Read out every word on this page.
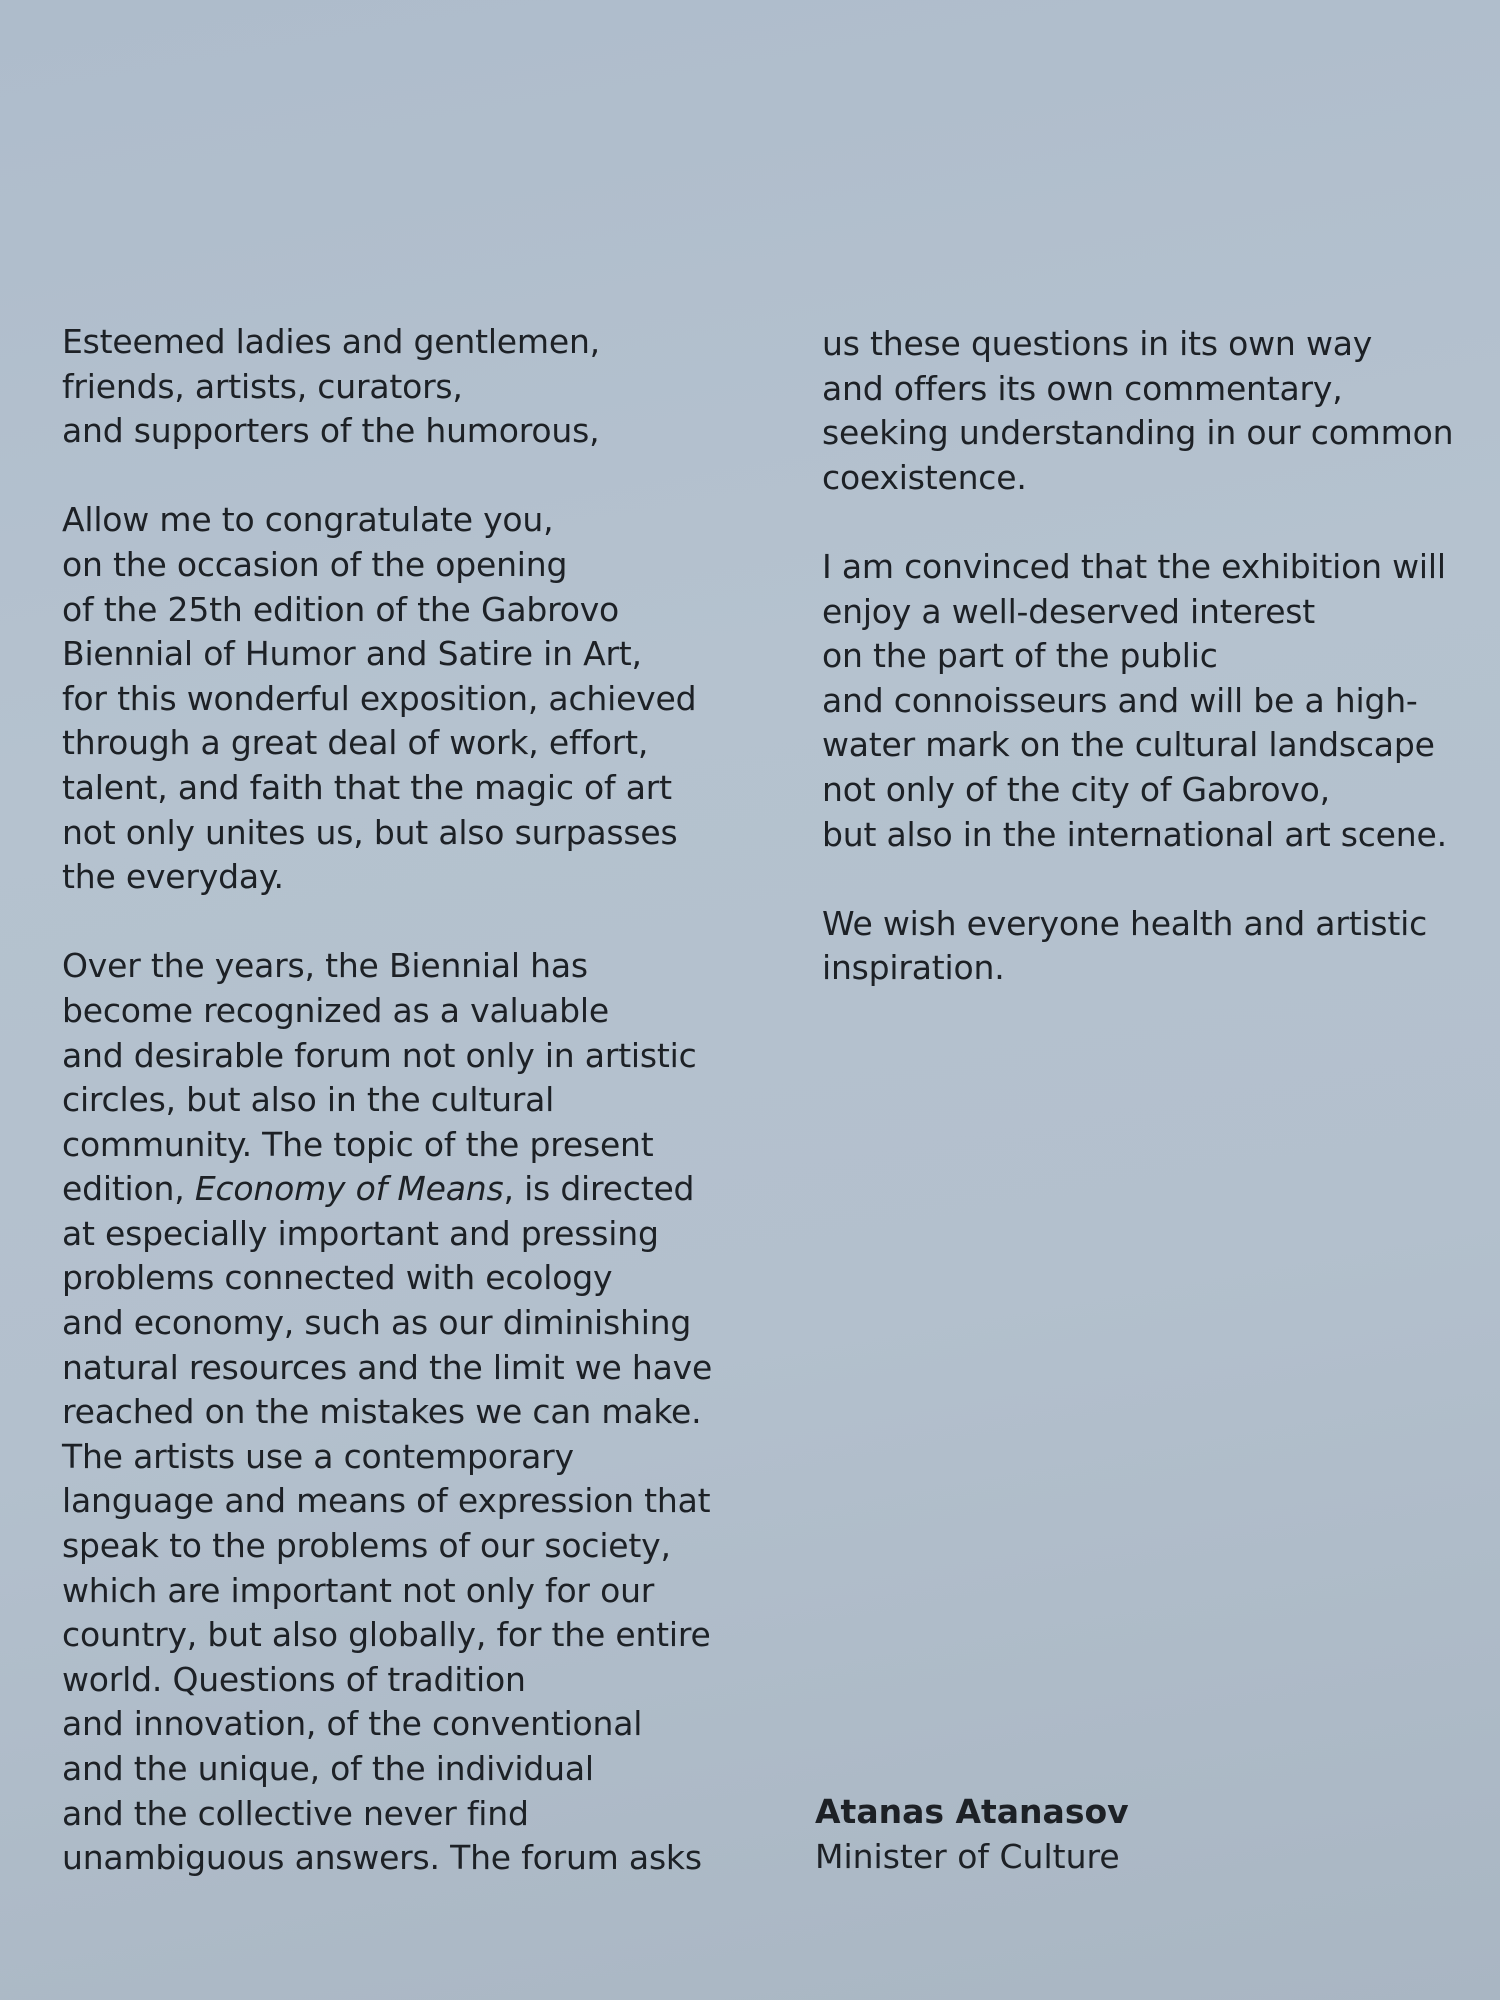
Esteemed ladies and gentlemen,
friends, artists, curators,
and supporters of the humorous,
Allow me to congratulate you,
on the occasion of the opening
of the 25th edition of the Gabrovo
Biennial of Humor and Satire in Art,
for this wonderful exposition, achieved
through a great deal of work, effort,
talent, and faith that the magic of art
not only unites us, but also surpasses
the everyday.
Over the years, the Biennial has
become recognized as a valuable
and desirable forum not only in artistic
circles, but also in the cultural
community. The topic of the present
edition, Economy of Means, is directed
at especially important and pressing
problems connected with ecology
and economy, such as our diminishing
natural resources and the limit we have
reached on the mistakes we can make.
The artists use a contemporary
language and means of expression that
speak to the problems of our society,
which are important not only for our
country, but also globally, for the entire
world. Questions of tradition
and innovation, of the conventional
and the unique, of the individual
and the collective never find
unambiguous answers. The forum asks
us these questions in its own way
and offers its own commentary,
seeking understanding in our common
coexistence.
I am convinced that the exhibition will
enjoy a well-deserved interest
on the part of the public
and connoisseurs and will be a high-
water mark on the cultural landscape
not only of the city of Gabrovo,
but also in the international art scene.
We wish everyone health and artistic
inspiration.
Atanas Atanasov
Minister of Culture
